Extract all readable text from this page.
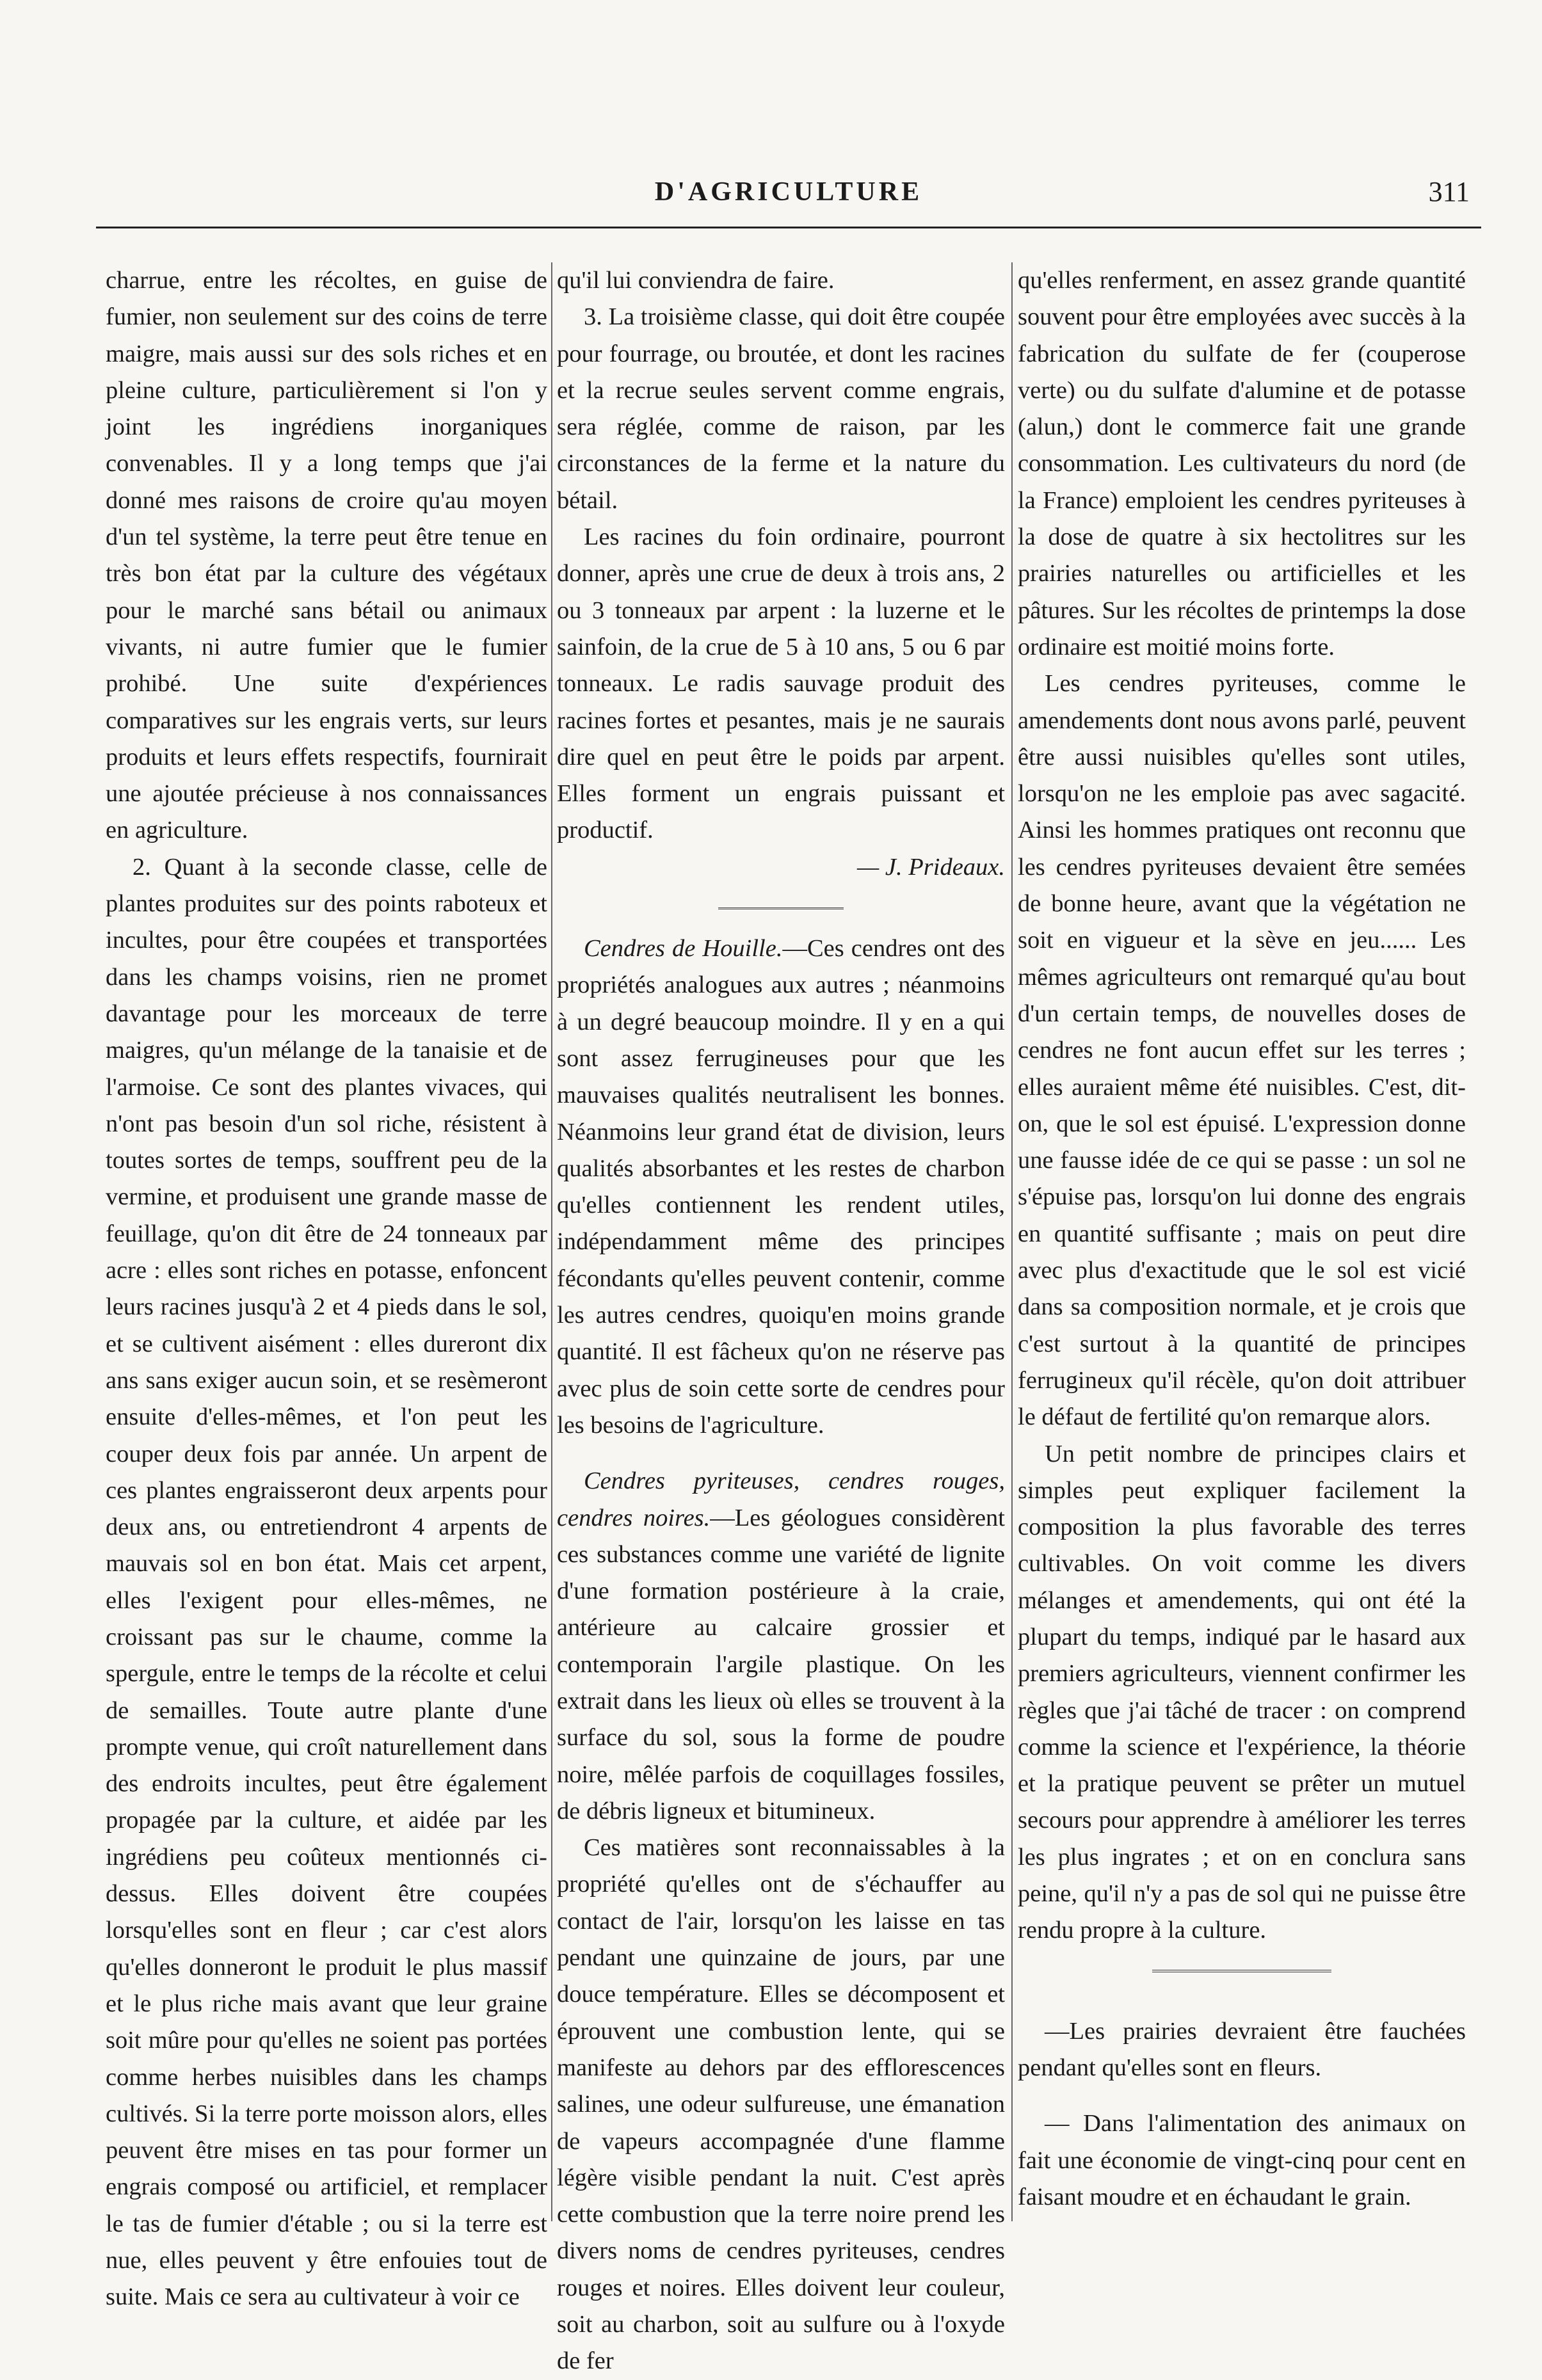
D'AGRICULTURE	311

charrue, entre les récoltes, en guise de fumier, non seulement sur des coins de terre maigre, mais aussi sur des sols riches et en pleine culture, particulièrement si l'on y joint les ingrédiens inorganiques convenables. Il y a long temps que j'ai donné mes raisons de croire qu'au moyen d'un tel système, la terre peut être tenue en très bon état par la culture des végétaux pour le marché sans bétail ou animaux vivants, ni autre fumier que le fumier prohibé. Une suite d'expériences comparatives sur les engrais verts, sur leurs produits et leurs effets respectifs, fournirait une ajoutée précieuse à nos connaissances en agriculture.

2. Quant à la seconde classe, celle de plantes produites sur des points raboteux et incultes, pour être coupées et transportées dans les champs voisins, rien ne promet davantage pour les morceaux de terre maigres, qu'un mélange de la tanaisie et de l'armoise. Ce sont des plantes vivaces, qui n'ont pas besoin d'un sol riche, résistent à toutes sortes de temps, souffrent peu de la vermine, et produisent une grande masse de feuillage, qu'on dit être de 24 tonneaux par acre : elles sont riches en potasse, enfoncent leurs racines jusqu'à 2 et 4 pieds dans le sol, et se cultivent aisément : elles dureront dix ans sans exiger aucun soin, et se resèmeront ensuite d'elles-mêmes, et l'on peut les couper deux fois par année. Un arpent de ces plantes engraisseront deux arpents pour deux ans, ou entretiendront 4 arpents de mauvais sol en bon état. Mais cet arpent, elles l'exigent pour elles-mêmes, ne croissant pas sur le chaume, comme la spergule, entre le temps de la récolte et celui de semailles. Toute autre plante d'une prompte venue, qui croît naturellement dans des endroits incultes, peut être également propagée par la culture, et aidée par les ingrédiens peu coûteux mentionnés ci-dessus. Elles doivent être coupées lorsqu'elles sont en fleur ; car c'est alors qu'elles donneront le produit le plus massif et le plus riche mais avant que leur graine soit mûre pour qu'elles ne soient pas portées comme herbes nuisibles dans les champs cultivés. Si la terre porte moisson alors, elles peuvent être mises en tas pour former un engrais composé ou artificiel, et remplacer le tas de fumier d'étable ; ou si la terre est nue, elles peuvent y être enfouies tout de suite. Mais ce sera au cultivateur à voir ce

qu'il lui conviendra de faire.

3. La troisième classe, qui doit être coupée pour fourrage, ou broutée, et dont les racines et la recrue seules servent comme engrais, sera réglée, comme de raison, par les circonstances de la ferme et la nature du bétail.

Les racines du foin ordinaire, pourront donner, après une crue de deux à trois ans, 2 ou 3 tonneaux par arpent : la luzerne et le sainfoin, de la crue de 5 à 10 ans, 5 ou 6 par tonneaux. Le radis sauvage produit des racines fortes et pesantes, mais je ne saurais dire quel en peut être le poids par arpent. Elles forment un engrais puissant et productif.

— J. Prideaux.

Cendres de Houille.—Ces cendres ont des propriétés analogues aux autres ; néanmoins à un degré beaucoup moindre. Il y en a qui sont assez ferrugineuses pour que les mauvaises qualités neutralisent les bonnes. Néanmoins leur grand état de division, leurs qualités absorbantes et les restes de charbon qu'elles contiennent les rendent utiles, indépendamment même des principes fécondants qu'elles peuvent contenir, comme les autres cendres, quoiqu'en moins grande quantité. Il est fâcheux qu'on ne réserve pas avec plus de soin cette sorte de cendres pour les besoins de l'agriculture.

Cendres pyriteuses, cendres rouges, cendres noires.—Les géologues considèrent ces substances comme une variété de lignite d'une formation postérieure à la craie, antérieure au calcaire grossier et contemporain l'argile plastique. On les extrait dans les lieux où elles se trouvent à la surface du sol, sous la forme de poudre noire, mêlée parfois de coquillages fossiles, de débris ligneux et bitumineux.

Ces matières sont reconnaissables à la propriété qu'elles ont de s'échauffer au contact de l'air, lorsqu'on les laisse en tas pendant une quinzaine de jours, par une douce température. Elles se décomposent et éprouvent une combustion lente, qui se manifeste au dehors par des efflorescences salines, une odeur sulfureuse, une émanation de vapeurs accompagnée d'une flamme légère visible pendant la nuit. C'est après cette combustion que la terre noire prend les divers noms de cendres pyriteuses, cendres rouges et noires. Elles doivent leur couleur, soit au charbon, soit au sulfure ou à l'oxyde de fer

qu'elles renferment, en assez grande quantité souvent pour être employées avec succès à la fabrication du sulfate de fer (couperose verte) ou du sulfate d'alumine et de potasse (alun,) dont le commerce fait une grande consommation. Les cultivateurs du nord (de la France) emploient les cendres pyriteuses à la dose de quatre à six hectolitres sur les prairies naturelles ou artificielles et les pâtures. Sur les récoltes de printemps la dose ordinaire est moitié moins forte.

Les cendres pyriteuses, comme le amendements dont nous avons parlé, peuvent être aussi nuisibles qu'elles sont utiles, lorsqu'on ne les emploie pas avec sagacité. Ainsi les hommes pratiques ont reconnu que les cendres pyriteuses devaient être semées de bonne heure, avant que la végétation ne soit en vigueur et la sève en jeu...... Les mêmes agriculteurs ont remarqué qu'au bout d'un certain temps, de nouvelles doses de cendres ne font aucun effet sur les terres ; elles auraient même été nuisibles. C'est, dit-on, que le sol est épuisé. L'expression donne une fausse idée de ce qui se passe : un sol ne s'épuise pas, lorsqu'on lui donne des engrais en quantité suffisante ; mais on peut dire avec plus d'exactitude que le sol est vicié dans sa composition normale, et je crois que c'est surtout à la quantité de principes ferrugineux qu'il récèle, qu'on doit attribuer le défaut de fertilité qu'on remarque alors.

Un petit nombre de principes clairs et simples peut expliquer facilement la composition la plus favorable des terres cultivables. On voit comme les divers mélanges et amendements, qui ont été la plupart du temps, indiqué par le hasard aux premiers agriculteurs, viennent confirmer les règles que j'ai tâché de tracer : on comprend comme la science et l'expérience, la théorie et la pratique peuvent se prêter un mutuel secours pour apprendre à améliorer les terres les plus ingrates ; et on en conclura sans peine, qu'il n'y a pas de sol qui ne puisse être rendu propre à la culture.

—Les prairies devraient être fauchées pendant qu'elles sont en fleurs.

— Dans l'alimentation des animaux on fait une économie de vingt-cinq pour cent en faisant moudre et en échaudant le grain.
